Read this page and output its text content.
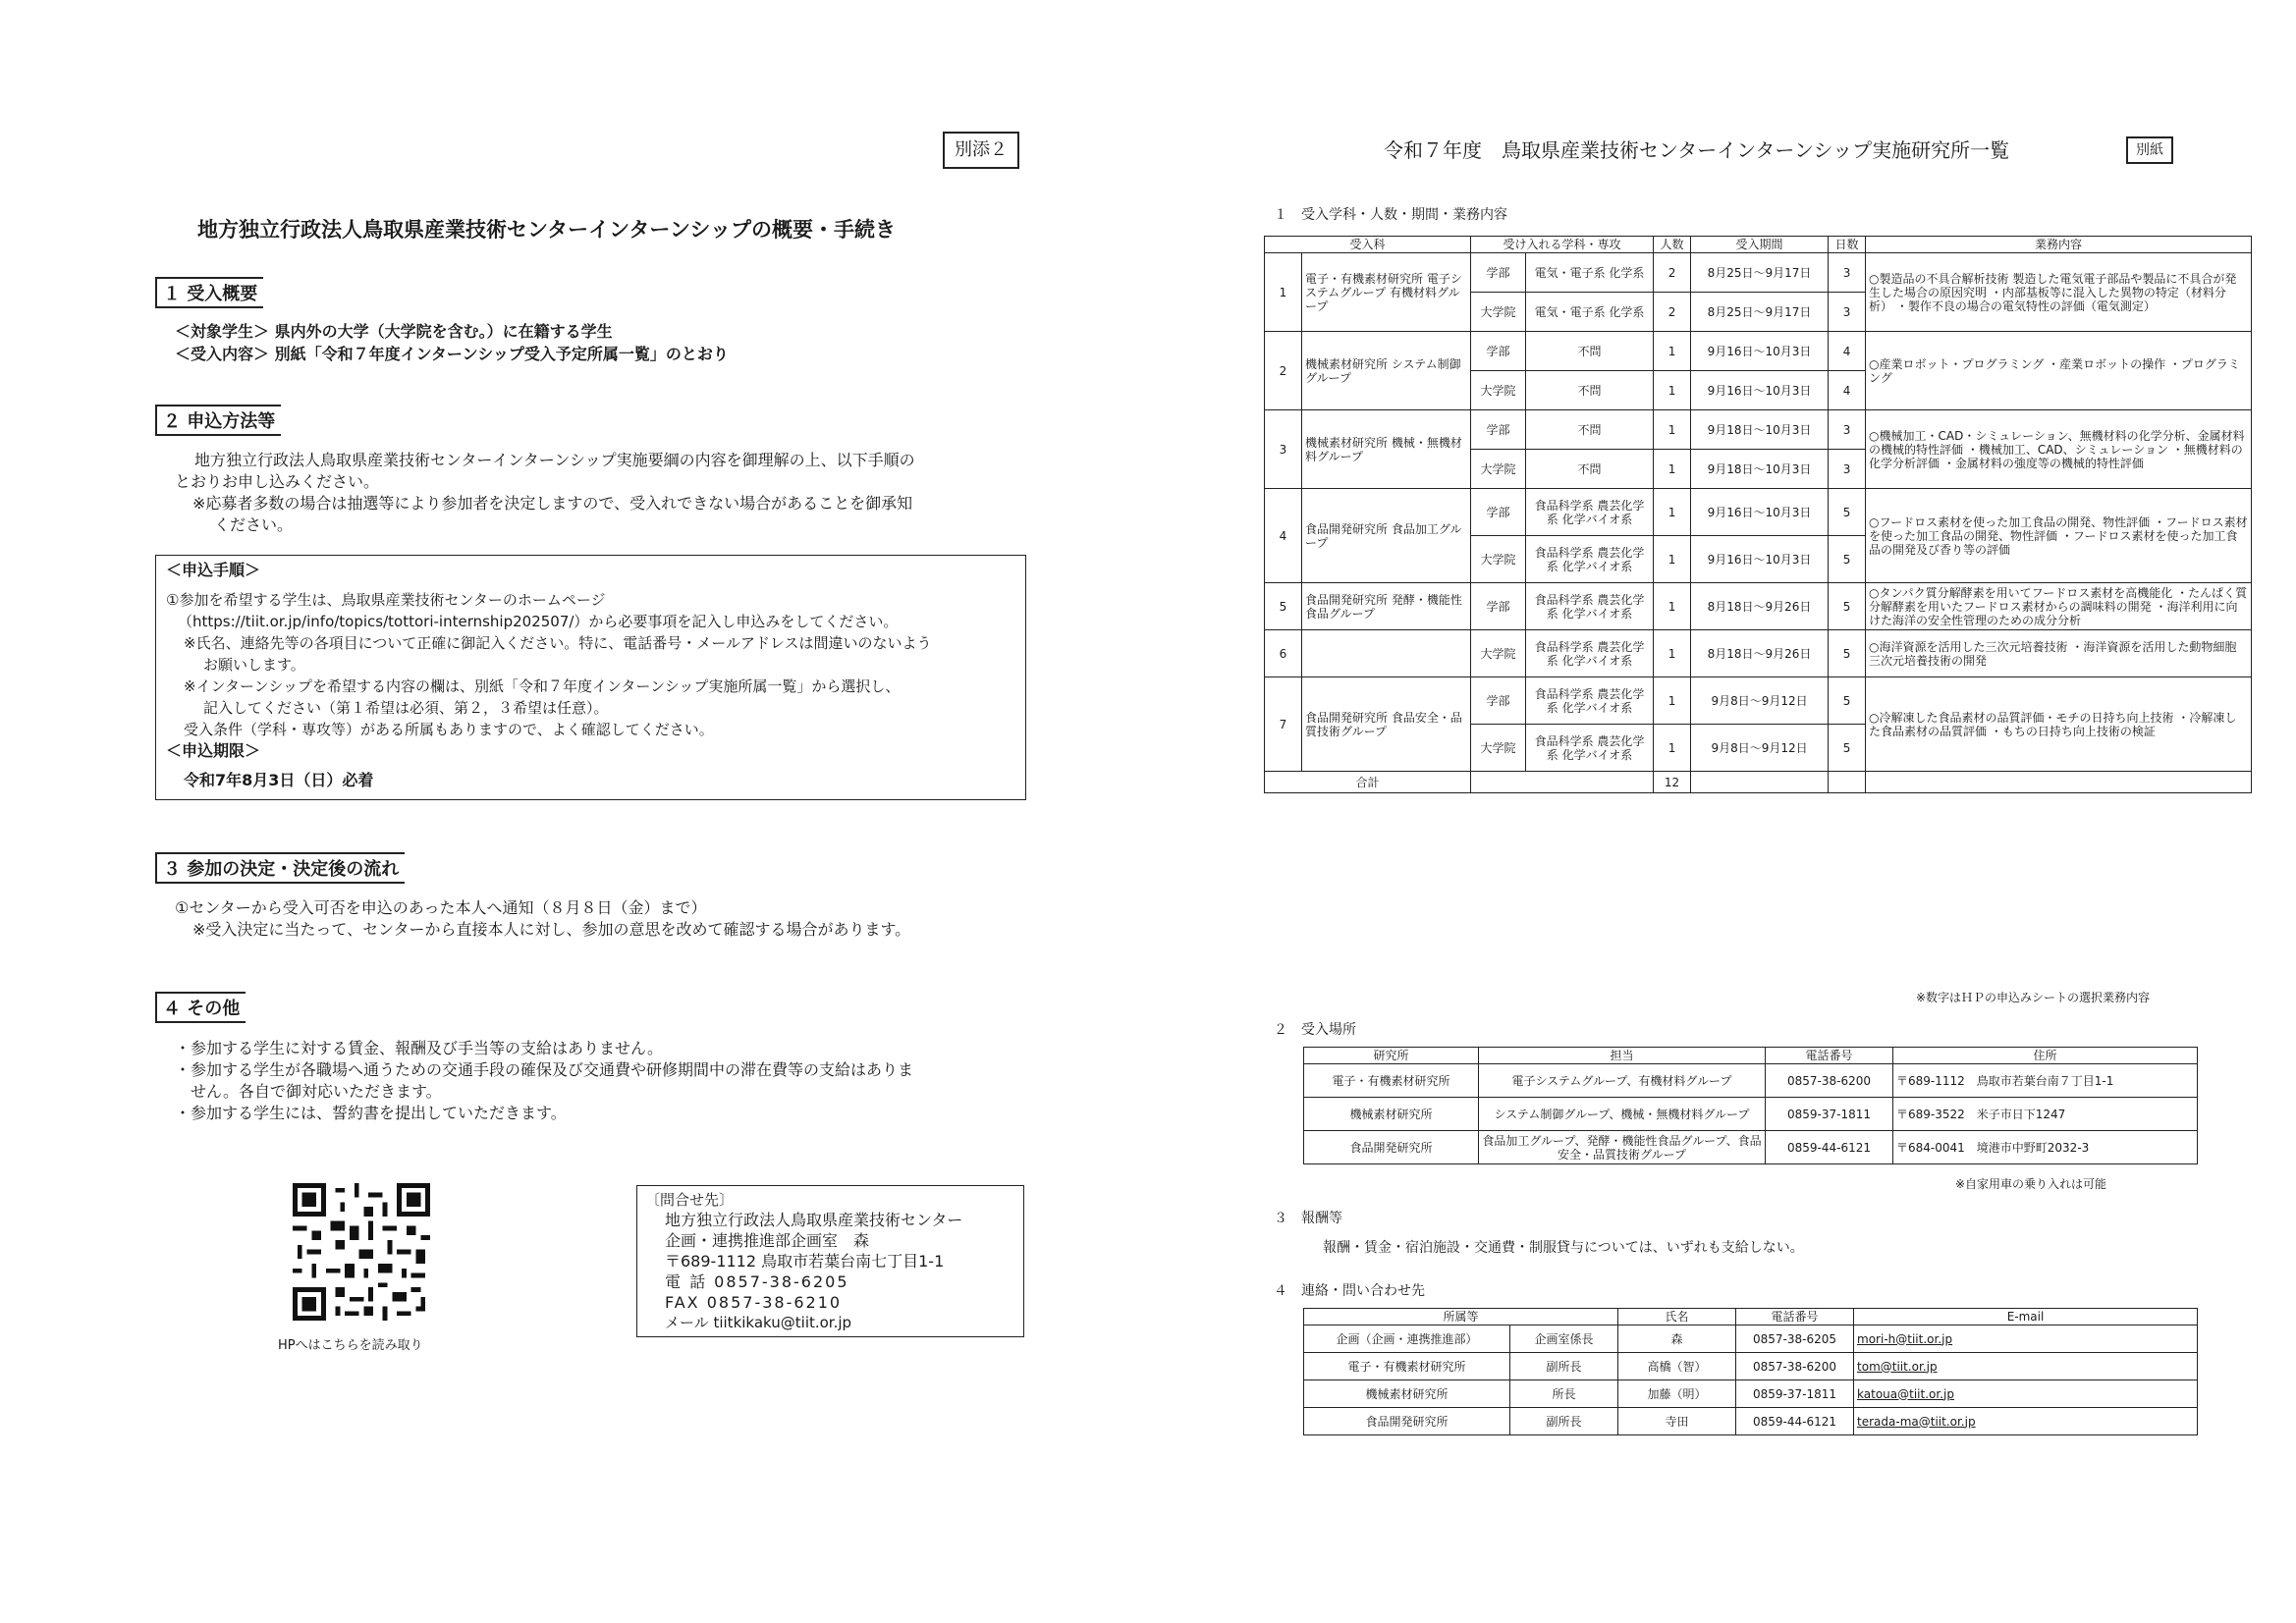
別添２
地方独立行政法人鳥取県産業技術センターインターンシップの概要・手続き
１ 受入概要
＜対象学生＞ 県内外の大学（大学院を含む。）に在籍する学生
＜受入内容＞ 別紙「令和７年度インターンシップ受入予定所属一覧」のとおり
２ 申込方法等
地方独立行政法人鳥取県産業技術センターインターンシップ実施要綱の内容を御理解の上、以下手順の
とおりお申し込みください。
※応募者多数の場合は抽選等により参加者を決定しますので、受入れできない場合があることを御承知
ください。
＜申込手順＞
①参加を希望する学生は、鳥取県産業技術センターのホームページ
（https://tiit.or.jp/info/topics/tottori-internship202507/）から必要事項を記入し申込みをしてください。
※氏名、連絡先等の各項目について正確に御記入ください。特に、電話番号・メールアドレスは間違いのないよう
お願いします。
※インターンシップを希望する内容の欄は、別紙「令和７年度インターンシップ実施所属一覧」から選択し、
記入してください（第１希望は必須、第２，３希望は任意）。
受入条件（学科・専攻等）がある所属もありますので、よく確認してください。
＜申込期限＞
令和7年8月3日（日）必着
３ 参加の決定・決定後の流れ
①センターから受入可否を申込のあった本人へ通知（８月８日（金）まで）
※受入決定に当たって、センターから直接本人に対し、参加の意思を改めて確認する場合があります。
４ その他
・参加する学生に対する賃金、報酬及び手当等の支給はありません。
・参加する学生が各職場へ通うための交通手段の確保及び交通費や研修期間中の滞在費等の支給はありま
せん。各自で御対応いただきます。
・参加する学生には、誓約書を提出していただきます。
HPへはこちらを読み取り
〔問合せ先〕
地方独立行政法人鳥取県産業技術センター
企画・連携推進部企画室　森
〒689-1112 鳥取市若葉台南七丁目1-1
電 話 0857-38-6205
FAX 0857-38-6210
メール tiitkikaku@tiit.or.jp
令和７年度　鳥取県産業技術センターインターンシップ実施研究所一覧	別紙
１　受入学科・人数・期間・業務内容
受入科		受け入れる学科・専攻		人数	受入期間	日数	業務内容
1	電子・有機素材研究所 電子システムグループ 有機材料グループ	学部	電気・電子系 化学系	2	8月25日～9月17日	3	○製造品の不具合解析技術 製造した電気電子部品や製品に不具合が発生した場合の原因究明 ・内部基板等に混入した異物の特定（材料分析） ・製作不良の場合の電気特性の評価（電気測定）
		大学院	電気・電子系 化学系	2	8月25日～9月17日	3	
2	機械素材研究所 システム制御グループ	学部	不問	1	9月16日～10月3日	4	○産業ロボット・プログラミング ・産業ロボットの操作 ・プログラミング
		大学院	不問	1	9月16日～10月3日	4	
3	機械素材研究所 機械・無機材料グループ	学部	不問	1	9月18日～10月3日	3	○機械加工・CAD・シミュレーション、無機材料の化学分析、金属材料の機械的特性評価 ・機械加工、CAD、シミュレーション ・無機材料の化学分析評価 ・金属材料の強度等の機械的特性評価
		大学院	不問	1	9月18日～10月3日	3	
4	食品開発研究所 食品加工グループ	学部	食品科学系 農芸化学系 化学バイオ系	1	9月16日～10月3日	5	○フードロス素材を使った加工食品の開発、物性評価 ・フードロス素材を使った加工食品の開発、物性評価 ・フードロス素材を使った加工食品の開発及び香り等の評価
		大学院	食品科学系 農芸化学系 化学バイオ系	1	9月16日～10月3日	5	
5	食品開発研究所 発酵・機能性食品グループ	学部	食品科学系 農芸化学系 化学バイオ系	1	8月18日～9月26日	5	○タンパク質分解酵素を用いてフードロス素材を高機能化 ・たんぱく質分解酵素を用いたフードロス素材からの調味料の開発 ・海洋利用に向けた海洋の安全性管理のための成分分析
6		大学院	食品科学系 農芸化学系 化学バイオ系	1	8月18日～9月26日	5	○海洋資源を活用した三次元培養技術 ・海洋資源を活用した動物細胞三次元培養技術の開発
7	食品開発研究所 食品安全・品質技術グループ	学部	食品科学系 農芸化学系 化学バイオ系	1	9月8日～9月12日	5	○冷解凍した食品素材の品質評価・モチの日持ち向上技術 ・冷解凍した食品素材の品質評価 ・もちの日持ち向上技術の検証
		大学院	食品科学系 農芸化学系 化学バイオ系	1	9月8日～9月12日	5	
合計				12			
※数字はＨＰの申込みシートの選択業務内容
２　受入場所
研究所	担当	電話番号	住所
電子・有機素材研究所	電子システムグループ、有機材料グループ	0857-38-6200	〒689-1112　鳥取市若葉台南７丁目1-1
機械素材研究所	システム制御グループ、機械・無機材料グループ	0859-37-1811	〒689-3522　米子市日下1247
食品開発研究所	食品加工グループ、発酵・機能性食品グループ、食品安全・品質技術グループ	0859-44-6121	〒684-0041　境港市中野町2032-3
※自家用車の乗り入れは可能
３　報酬等
報酬・賃金・宿泊施設・交通費・制服貸与については、いずれも支給しない。
４　連絡・問い合わせ先
所属等		氏名	電話番号	E-mail
企画（企画・連携推進部）	企画室係長	森	0857-38-6205	mori-h@tiit.or.jp
電子・有機素材研究所	副所長	高橋（智）	0857-38-6200	tom@tiit.or.jp
機械素材研究所	所長	加藤（明）	0859-37-1811	katoua@tiit.or.jp
食品開発研究所	副所長	寺田	0859-44-6121	terada-ma@tiit.or.jp
